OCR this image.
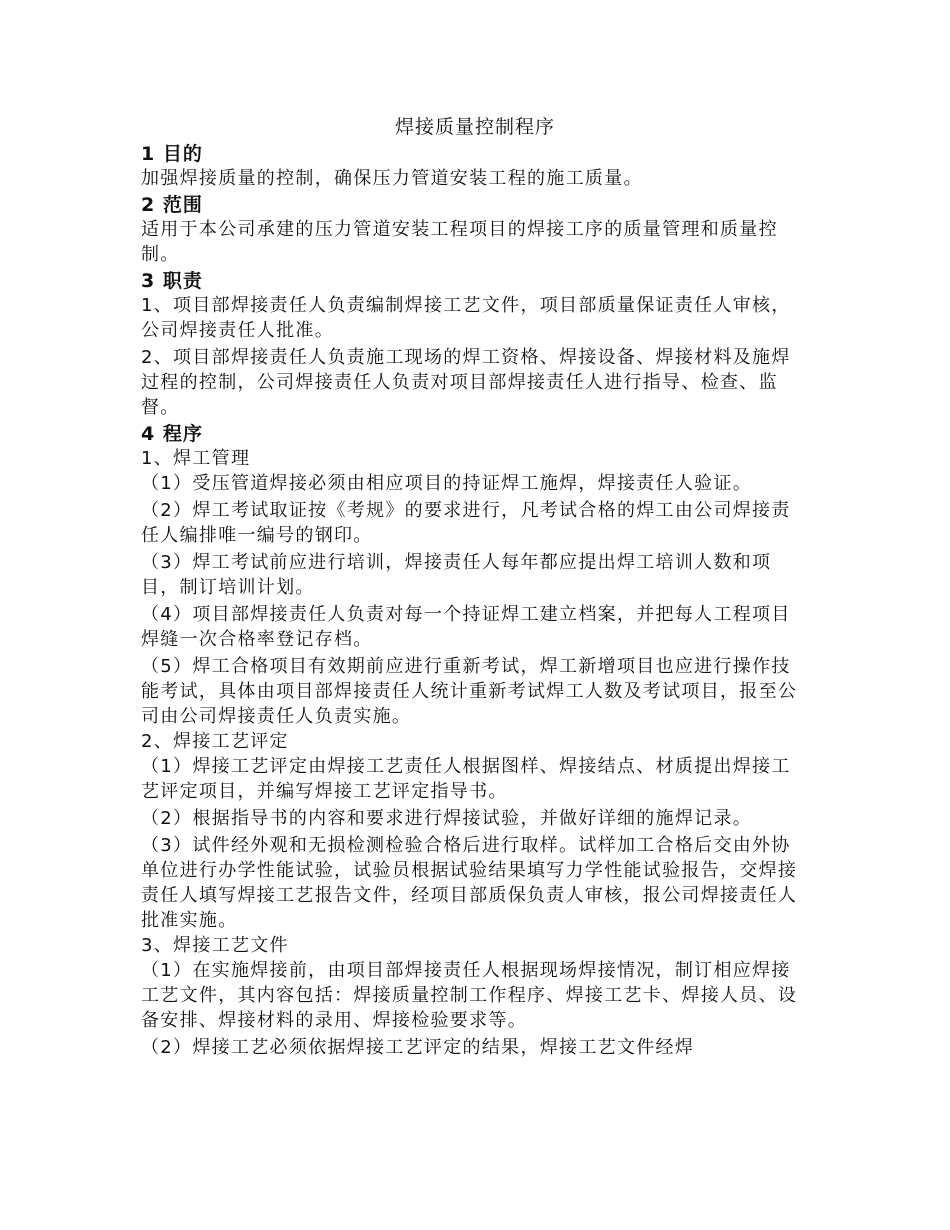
焊接质量控制程序
1 目的
加强焊接质量的控制，确保压力管道安装工程的施工质量。
2 范围
适用于本公司承建的压力管道安装工程项目的焊接工序的质量管理和质量控制。
3 职责
1、项目部焊接责任人负责编制焊接工艺文件，项目部质量保证责任人审核，公司焊接责任人批准。
2、项目部焊接责任人负责施工现场的焊工资格、焊接设备、焊接材料及施焊过程的控制，公司焊接责任人负责对项目部焊接责任人进行指导、检查、监督。
4 程序
1、焊工管理
（1）受压管道焊接必须由相应项目的持证焊工施焊，焊接责任人验证。
（2）焊工考试取证按《考规》的要求进行，凡考试合格的焊工由公司焊接责任人编排唯一编号的钢印。
（3）焊工考试前应进行培训，焊接责任人每年都应提出焊工培训人数和项目，制订培训计划。
（4）项目部焊接责任人负责对每一个持证焊工建立档案，并把每人工程项目焊缝一次合格率登记存档。
（5）焊工合格项目有效期前应进行重新考试，焊工新增项目也应进行操作技能考试，具体由项目部焊接责任人统计重新考试焊工人数及考试项目，报至公司由公司焊接责任人负责实施。
2、焊接工艺评定
（1）焊接工艺评定由焊接工艺责任人根据图样、焊接结点、材质提出焊接工艺评定项目，并编写焊接工艺评定指导书。
（2）根据指导书的内容和要求进行焊接试验，并做好详细的施焊记录。
（3）试件经外观和无损检测检验合格后进行取样。试样加工合格后交由外协单位进行办学性能试验，试验员根据试验结果填写力学性能试验报告，交焊接责任人填写焊接工艺报告文件，经项目部质保负责人审核，报公司焊接责任人批准实施。
3、焊接工艺文件
（1）在实施焊接前，由项目部焊接责任人根据现场焊接情况，制订相应焊接工艺文件，其内容包括：焊接质量控制工作程序、焊接工艺卡、焊接人员、设备安排、焊接材料的录用、焊接检验要求等。
（2）焊接工艺必须依据焊接工艺评定的结果，焊接工艺文件经焊
